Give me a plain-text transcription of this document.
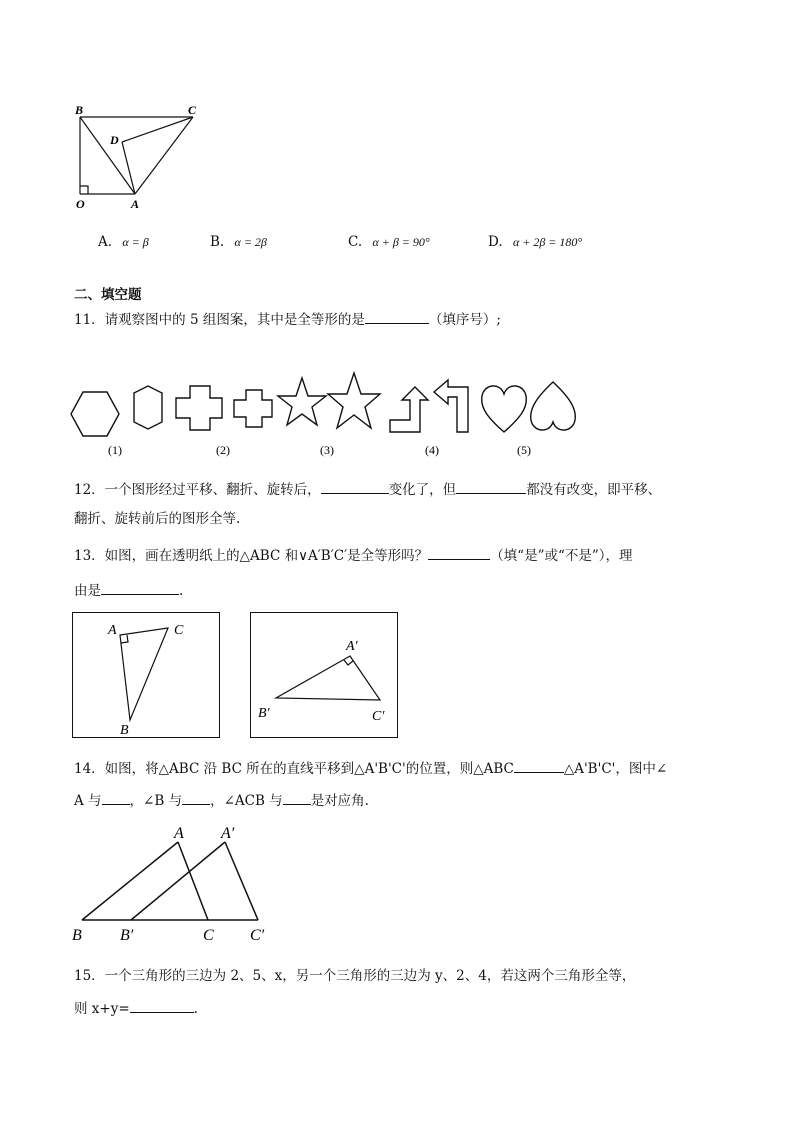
B	C
D
O	A
A. α = β	B. α = 2β	C. α + β = 90°	D. α + 2β = 180°
二、填空题
11．请观察图中的 5 组图案，其中是全等形的是	（填序号）;
(1)	(2)	(3)	(4)	(5)
12．一个图形经过平移、翻折、旋转后，	变化了，但	都没有改变，即平移、
翻折、旋转前后的图形全等.
13．如图，画在透明纸上的△ABC 和∨A′B′C′是全等形吗？	（填“是”或“不是”），理
由是	.
A	C
B
A′
B′	C′
14．如图，将△ABC 沿 BC 所在的直线平移到△A'B'C'的位置，则△ABC	△A'B'C'，图中∠
A 与 ，∠B 与 ，∠ACB 与 是对应角.
A A′
B B′	C C′
15．一个三角形的三边为 2、5、x，另一个三角形的三边为 y、2、4，若这两个三角形全等，
则 x+y=	.
